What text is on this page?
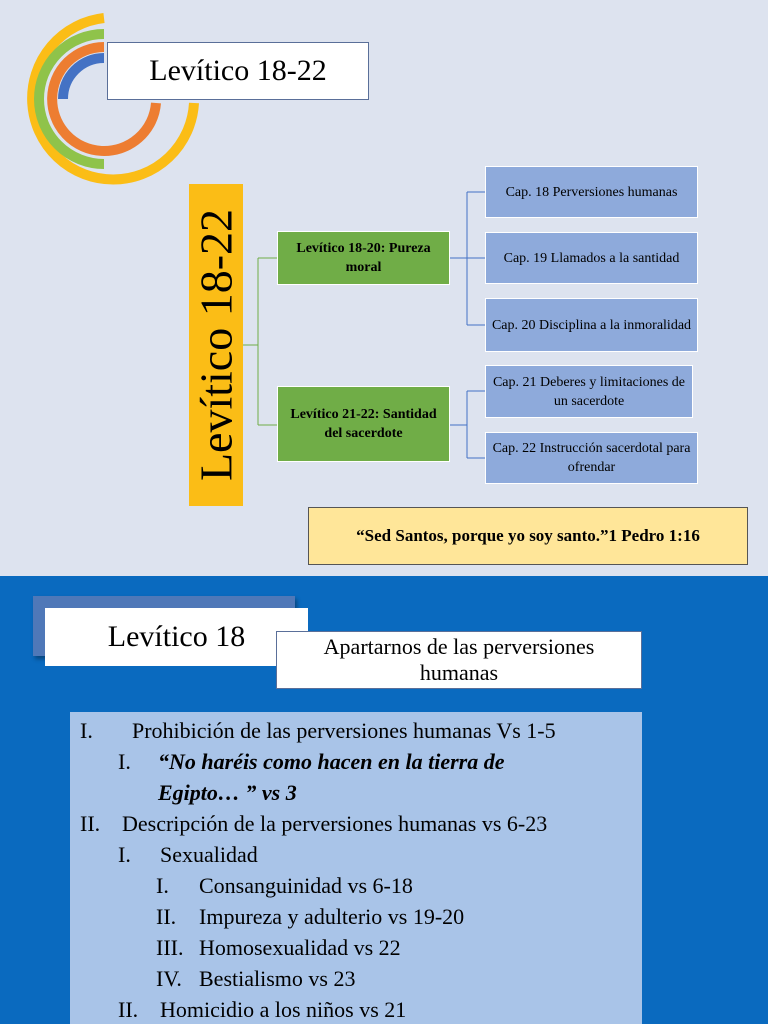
Levítico 18-22
Levítico 18-22	Levítico 18-20: Pureza moral
Levítico 21-22: Santidad del sacerdote
Cap. 18 Perversiones humanas
Cap. 19 Llamados a la santidad
Cap. 20 Disciplina a la inmoralidad
Cap. 21 Deberes y limitaciones de un sacerdote
Cap. 22 Instrucción sacerdotal para ofrendar
“Sed Santos, porque yo soy santo.”1 Pedro 1:16
Levítico 18	Apartarnos de las perversiones humanas
I. Prohibición de las perversiones humanas Vs 1-5
I. “No haréis como hacen en la tierra de
Egipto… ” vs 3
II. Descripción de la perversiones humanas vs 6-23
I. Sexualidad
I. Consanguinidad vs 6-18
II. Impureza y adulterio vs 19-20
III. Homosexualidad vs 22
IV. Bestialismo vs 23
II. Homicidio a los niños vs 21
